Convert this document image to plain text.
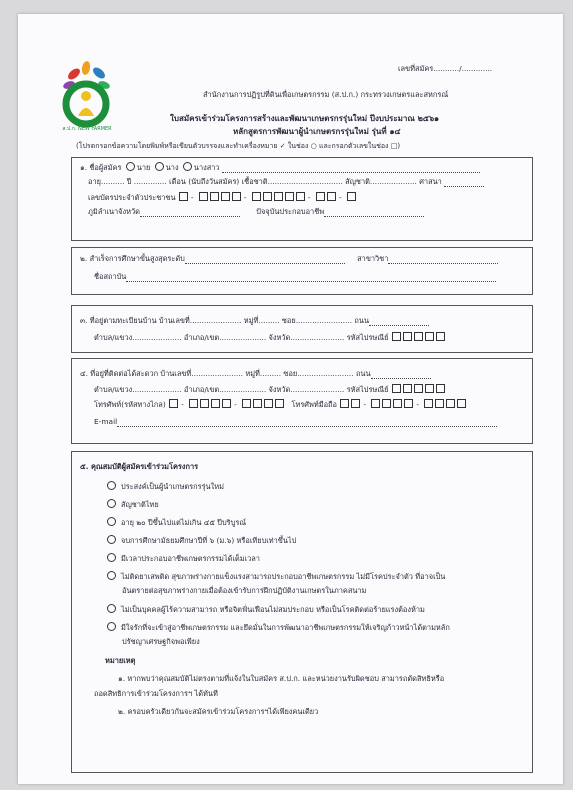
เลขที่สมัคร.........../.............
ส.ป.ก. NEW FARMER
สำนักงานการปฏิรูปที่ดินเพื่อเกษตรกรรม (ส.ป.ก.) กระทรวงเกษตรและสหกรณ์
ใบสมัครเข้าร่วมโครงการสร้างและพัฒนาเกษตรกรรุ่นใหม่ ปีงบประมาณ ๒๕๖๑
หลักสูตรการพัฒนาผู้นำเกษตรกรรุ่นใหม่ รุ่นที่ ๑๔
(โปรดกรอกข้อความโดยพิมพ์หรือเขียนตัวบรรจงและทำเครื่องหมาย ✓ ในช่อง ○ และกรอกตัวเลขในช่อง □)
๑. ชื่อผู้สมัคร นาย นาง นางสาว
อายุ.......... ปี .............. เดือน (นับถึงวันสมัคร) เชื้อชาติ................................ สัญชาติ.................... ศาสนา
เลขบัตรประจำตัวประชาชน -	-	-	-
ภูมิลำเนาจังหวัด	ปัจจุบันประกอบอาชีพ
๒. สำเร็จการศึกษาขั้นสูงสุดระดับ	สาขาวิชา
ชื่อสถาบัน
๓. ที่อยู่ตามทะเบียนบ้าน บ้านเลขที่...................... หมู่ที่......... ซอย........................ ถนน
ตำบล/แขวง..................... อำเภอ/เขต.................... จังหวัด....................... รหัสไปรษณีย์
๔. ที่อยู่ที่ติดต่อได้สะดวก บ้านเลขที่...................... หมู่ที่......... ซอย........................ ถนน
ตำบล/แขวง..................... อำเภอ/เขต.................... จังหวัด....................... รหัสไปรษณีย์
โทรศัพท์(รหัสทางไกล) -	-	โทรศัพท์มือถือ	-	-
E-mail
๕. คุณสมบัติผู้สมัครเข้าร่วมโครงการ
ประสงค์เป็นผู้นำเกษตรกรรุ่นใหม่
สัญชาติไทย
อายุ ๒๐ ปีขึ้นไปแต่ไม่เกิน ๔๕ ปีบริบูรณ์
จบการศึกษามัธยมศึกษาปีที่ ๖ (ม.๖) หรือเทียบเท่าขึ้นไป
มีเวลาประกอบอาชีพเกษตรกรรมได้เต็มเวลา
ไม่ติดยาเสพติด สุขภาพร่างกายแข็งแรงสามารถประกอบอาชีพเกษตรกรรม ไม่มีโรคประจำตัว ที่อาจเป็น
อันตรายต่อสุขภาพร่างกายเมื่อต้องเข้ารับการฝึกปฏิบัติงานเกษตรในภาคสนาม
ไม่เป็นบุคคลผู้ไร้ความสามารถ หรือจิตฟั่นเฟือนไม่สมประกอบ หรือเป็นโรคติดต่อร้ายแรงต้องห้าม
มีใจรักที่จะเข้าสู่อาชีพเกษตรกรรม และยึดมั่นในการพัฒนาอาชีพเกษตรกรรมให้เจริญก้าวหน้าได้ตามหลัก
ปรัชญาเศรษฐกิจพอเพียง
หมายเหตุ
๑. หากพบว่าคุณสมบัติไม่ตรงตามที่แจ้งในใบสมัคร ส.ป.ก. และหน่วยงานรับผิดชอบ สามารถตัดสิทธิหรือ
ถอดสิทธิการเข้าร่วมโครงการฯ ได้ทันที
๒. ครอบครัวเดียวกันจะสมัครเข้าร่วมโครงการฯได้เพียงคนเดียว
